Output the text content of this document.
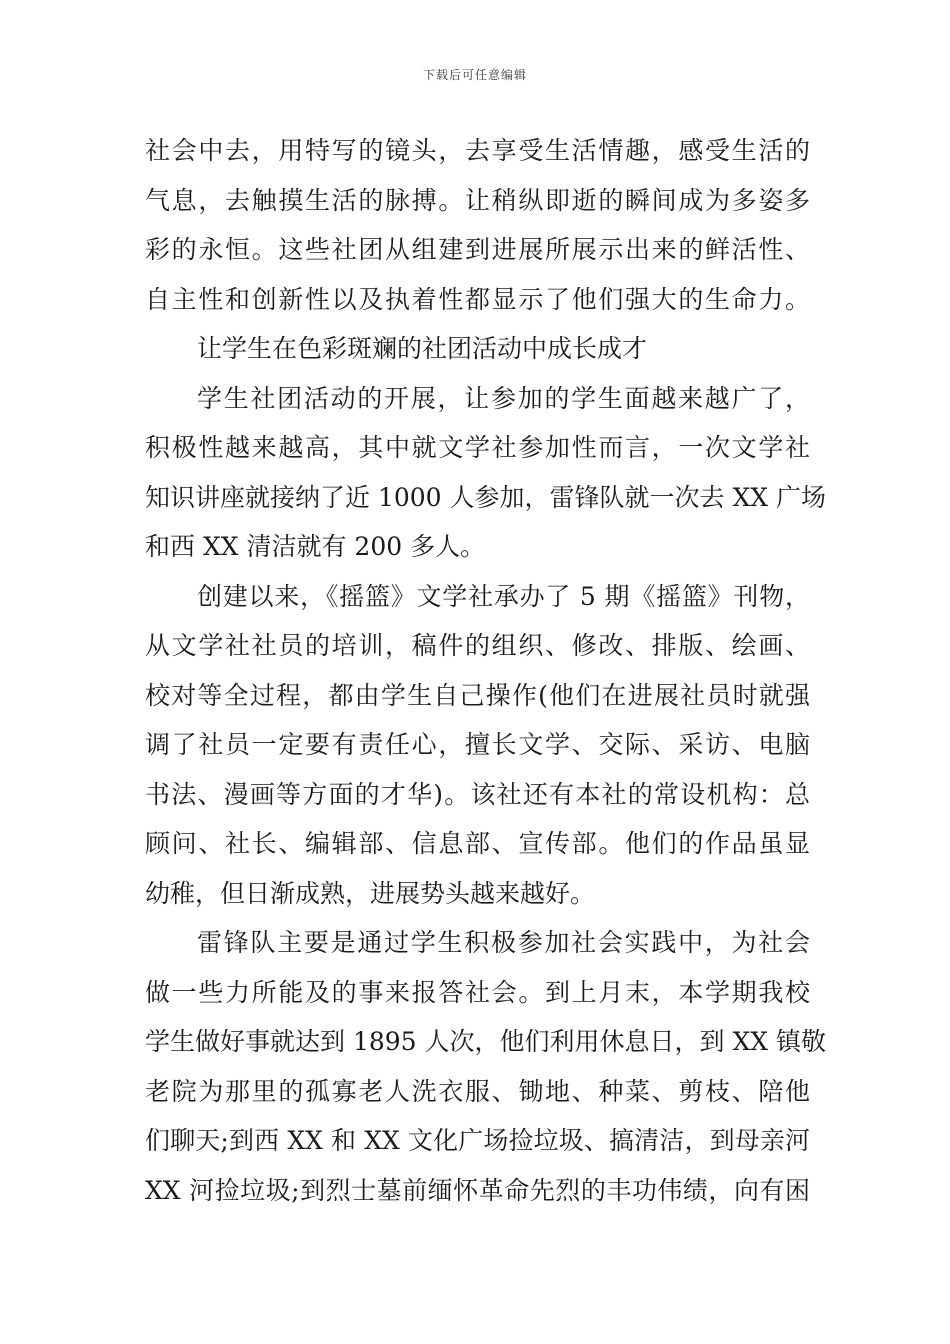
下载后可任意编辑
社会中去，用特写的镜头，去享受生活情趣，感受生活的
气息，去触摸生活的脉搏。让稍纵即逝的瞬间成为多姿多
彩的永恒。这些社团从组建到进展所展示出来的鲜活性、
自主性和创新性以及执着性都显示了他们强大的生命力。
让学生在色彩斑斓的社团活动中成长成才
学生社团活动的开展，让参加的学生面越来越广了，
积极性越来越高，其中就文学社参加性而言，一次文学社
知识讲座就接纳了近 1000 人参加，雷锋队就一次去 XX 广场
和西 XX 清洁就有 200 多人。
创建以来，《摇篮》文学社承办了 5 期《摇篮》刊物，
从文学社社员的培训，稿件的组织、修改、排版、绘画、
校对等全过程，都由学生自己操作(他们在进展社员时就强
调了社员一定要有责任心，擅长文学、交际、采访、电脑
书法、漫画等方面的才华)。该社还有本社的常设机构：总
顾问、社长、编辑部、信息部、宣传部。他们的作品虽显
幼稚，但日渐成熟，进展势头越来越好。
雷锋队主要是通过学生积极参加社会实践中，为社会
做一些力所能及的事来报答社会。到上月末，本学期我校
学生做好事就达到 1895 人次，他们利用休息日，到 XX 镇敬
老院为那里的孤寡老人洗衣服、锄地、种菜、剪枝、陪他
们聊天;到西 XX 和 XX 文化广场捡垃圾、搞清洁，到母亲河
XX 河捡垃圾;到烈士墓前缅怀革命先烈的丰功伟绩，向有困
